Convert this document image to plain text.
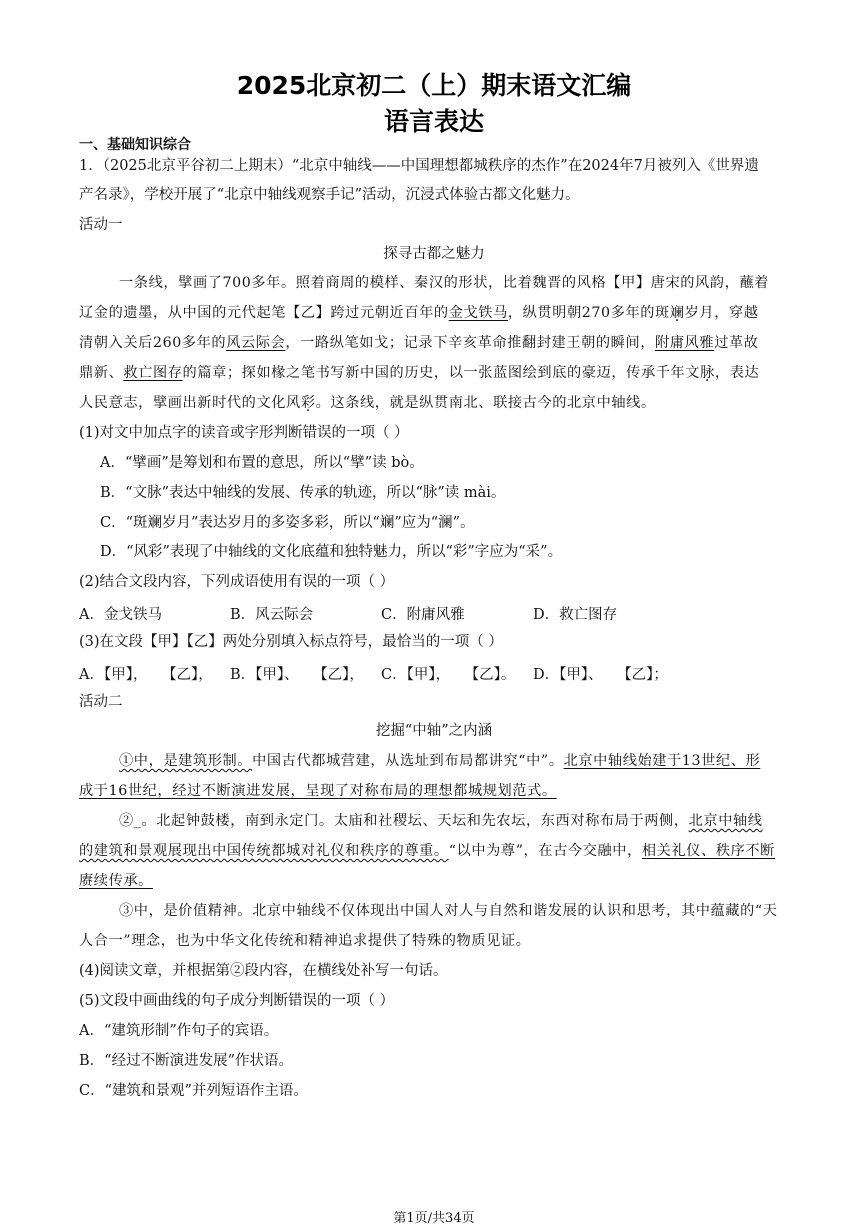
2025北京初二（上）期末语文汇编
语言表达
一、基础知识综合
1．（2025北京平谷初二上期末）“北京中轴线——中国理想都城秩序的杰作”在2024年7月被列入《世界遗
产名录》，学校开展了“北京中轴线观察手记”活动，沉浸式体验古都文化魅力。
活动一
探寻古都之魅力
一条线，擘画了700多年。照着商周的模样、秦汉的形状，比着魏晋的风格【甲】唐宋的风韵，蘸着
辽金的遗墨，从中国的元代起笔【乙】跨过元朝近百年的金戈铁马，纵贯明朝270多年的斑斓岁月，穿越
清朝入关后260多年的风云际会，一路纵笔如戈；记录下辛亥革命推翻封建王朝的瞬间，附庸风雅过革故
鼎新、救亡图存的篇章；探如椽之笔书写新中国的历史，以一张蓝图绘到底的豪迈，传承千年文脉，表达
人民意志，擘画出新时代的文化风彩。这条线，就是纵贯南北、联接古今的北京中轴线。
(1)对文中加点字的读音或字形判断错误的一项（ ）
A．“擘画”是筹划和布置的意思，所以“擘”读 bò。
B．“文脉”表达中轴线的发展、传承的轨迹，所以“脉”读 mài。
C．“斑斓岁月”表达岁月的多姿多彩，所以“斓”应为“澜”。
D．“风彩”表现了中轴线的文化底蕴和独特魅力，所以“彩”字应为“采”。
(2)结合文段内容，下列成语使用有误的一项（ ）
A．金戈铁马	B．风云际会	C．附庸风雅	D．救亡图存
(3)在文段【甲】【乙】两处分别填入标点符号，最恰当的一项（ ）
A．【甲】，　　【乙】， B．【甲】、　　【乙】， C．【甲】，　　【乙】。 D．【甲】、　　【乙】；
活动二
挖掘“中轴”之内涵
①中，是建筑形制。中国古代都城营建，从选址到布局都讲究“中”。北京中轴线始建于13世纪、形
成于16世纪，经过不断演进发展，呈现了对称布局的理想都城规划范式。
②_。北起钟鼓楼，南到永定门。太庙和社稷坛、天坛和先农坛，东西对称布局于两侧，北京中轴线
的建筑和景观展现出中国传统都城对礼仪和秩序的尊重。“以中为尊”，在古今交融中，相关礼仪、秩序不断
赓续传承。
③中，是价值精神。北京中轴线不仅体现出中国人对人与自然和谐发展的认识和思考，其中蕴藏的“天
人合一”理念，也为中华文化传统和精神追求提供了特殊的物质见证。
(4)阅读文章，并根据第②段内容，在横线处补写一句话。
(5)文段中画曲线的句子成分判断错误的一项（ ）
A．“建筑形制”作句子的宾语。
B．“经过不断演进发展”作状语。
C．“建筑和景观”并列短语作主语。
第1页/共34页
